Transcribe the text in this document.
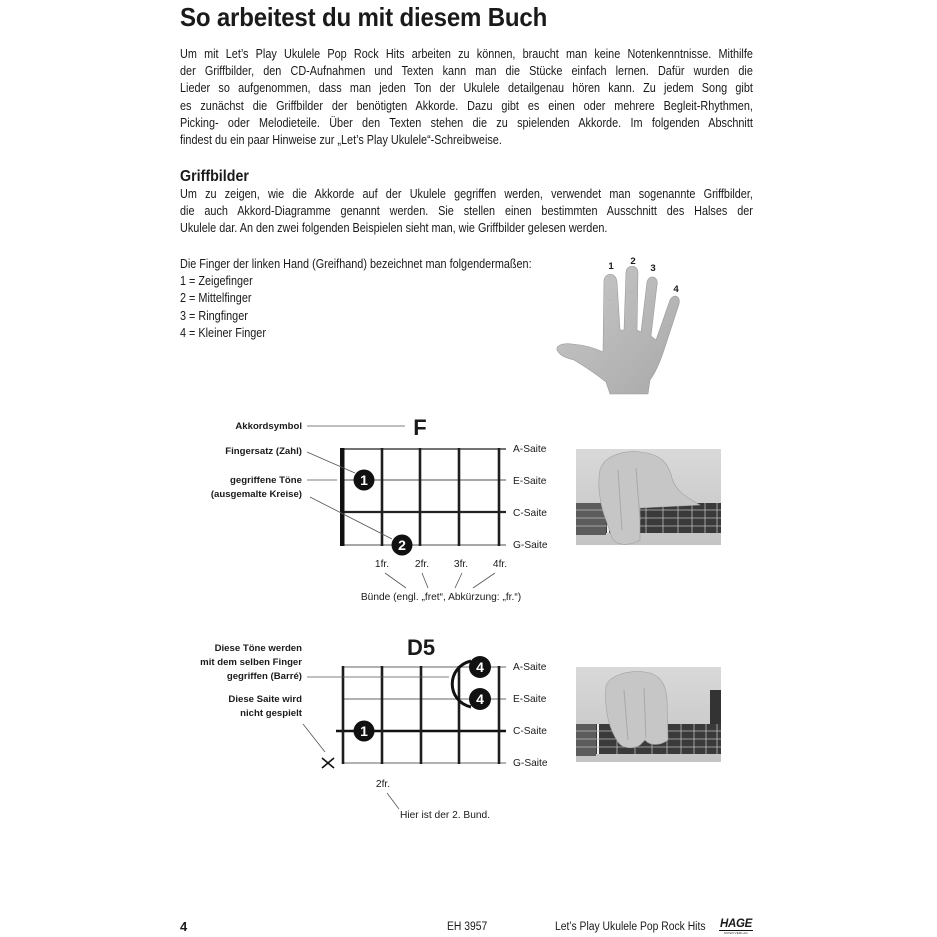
So arbeitest du mit diesem Buch
Um mit Let’s Play Ukulele Pop Rock Hits arbeiten zu können, braucht man keine Notenkenntnisse. Mithilfe
der Griffbilder, den CD-Aufnahmen und Texten kann man die Stücke einfach lernen. Dafür wurden die
Lieder so aufgenommen, dass man jeden Ton der Ukulele detailgenau hören kann. Zu jedem Song gibt
es zunächst die Griffbilder der benötigten Akkorde. Dazu gibt es einen oder mehrere Begleit-Rhythmen,
Picking- oder Melodieteile. Über den Texten stehen die zu spielenden Akkorde. Im folgenden Abschnitt
findest du ein paar Hinweise zur „Let’s Play Ukulele“-Schreibweise.
Griffbilder
Um zu zeigen, wie die Akkorde auf der Ukulele gegriffen werden, verwendet man sogenannte Griffbilder,
die auch Akkord-Diagramme genannt werden. Sie stellen einen bestimmten Ausschnitt des Halses der
Ukulele dar. An den zwei folgenden Beispielen sieht man, wie Griffbilder gelesen werden.
Die Finger der linken Hand (Greifhand) bezeichnet man folgendermaßen:
1 = Zeigefinger
2 = Mittelfinger
3 = Ringfinger
4 = Kleiner Finger
1 2
3
4
F
1
2
Akkordsymbol
Fingersatz (Zahl)
gegriffene Töne
(ausgemalte Kreise)
A-Saite
E-Saite
C-Saite
G-Saite
1fr.	2fr. 3fr. 4fr.
Bünde (engl. „fret“, Abkürzung: „fr.“)
D5
1
4
4
Diese Töne werden
mit dem selben Finger
gegriffen (Barré)
Diese Saite wird
nicht gespielt
A-Saite
E-Saite
C-Saite
G-Saite
2fr.
Hier ist der 2. Bund.
4	EH 3957	Let’s Play Ukulele Pop Rock Hits HAGE
MUSIKVERLAG
